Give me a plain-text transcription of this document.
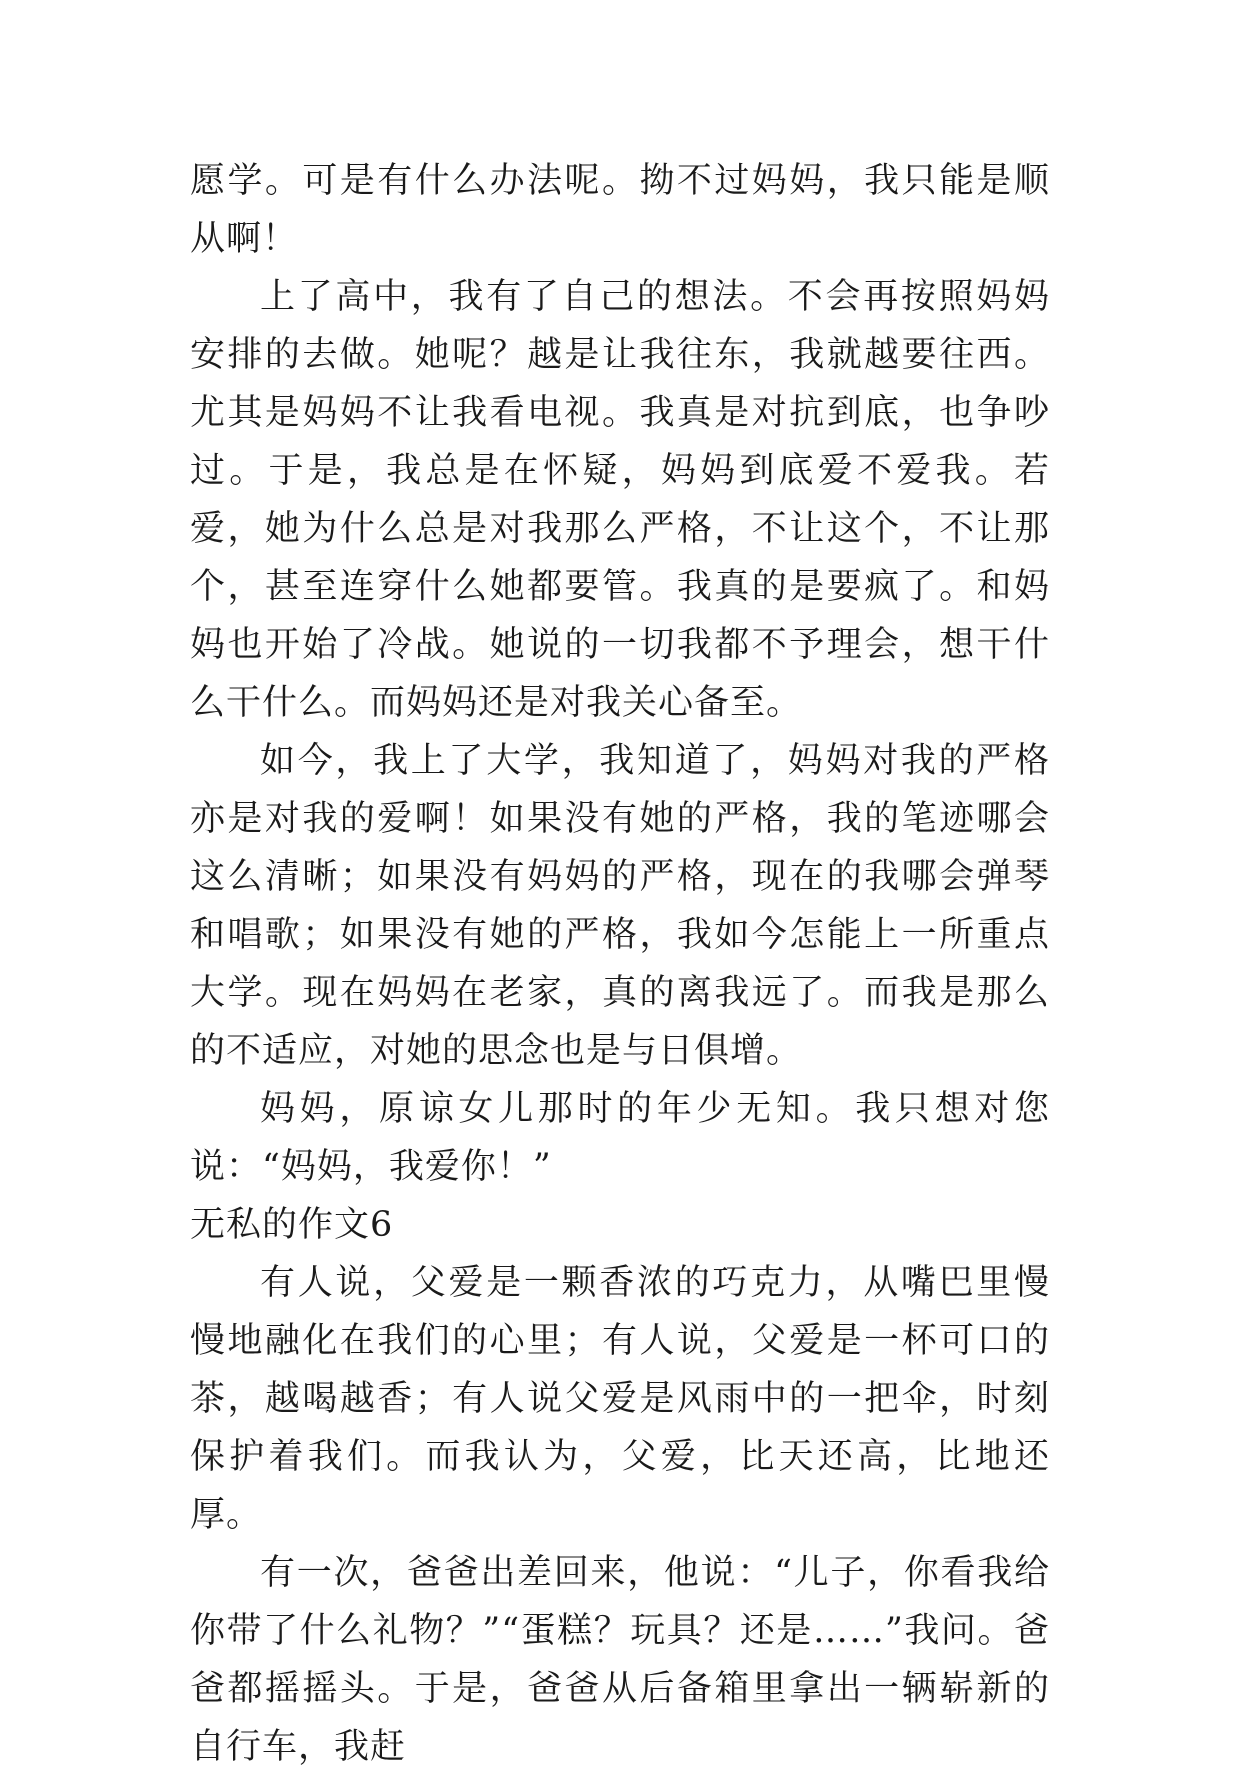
愿学。可是有什么办法呢。拗不过妈妈，我只能是顺从啊！

上了高中，我有了自己的想法。不会再按照妈妈安排的去做。她呢？越是让我往东，我就越要往西。尤其是妈妈不让我看电视。我真是对抗到底，也争吵过。于是，我总是在怀疑，妈妈到底爱不爱我。若爱，她为什么总是对我那么严格，不让这个，不让那个，甚至连穿什么她都要管。我真的是要疯了。和妈妈也开始了冷战。她说的一切我都不予理会，想干什么干什么。而妈妈还是对我关心备至。

如今，我上了大学，我知道了，妈妈对我的严格亦是对我的爱啊！如果没有她的严格，我的笔迹哪会这么清晰；如果没有妈妈的严格，现在的我哪会弹琴和唱歌；如果没有她的严格，我如今怎能上一所重点大学。现在妈妈在老家，真的离我远了。而我是那么的不适应，对她的思念也是与日俱增。

妈妈，原谅女儿那时的年少无知。我只想对您说：“妈妈，我爱你！”

无私的作文6

有人说，父爱是一颗香浓的巧克力，从嘴巴里慢慢地融化在我们的心里；有人说，父爱是一杯可口的茶，越喝越香；有人说父爱是风雨中的一把伞，时刻保护着我们。而我认为，父爱，比天还高，比地还厚。

有一次，爸爸出差回来，他说：“儿子，你看我给你带了什么礼物？”“蛋糕？玩具？还是……”我问。爸爸都摇摇头。于是，爸爸从后备箱里拿出一辆崭新的自行车，我赶
